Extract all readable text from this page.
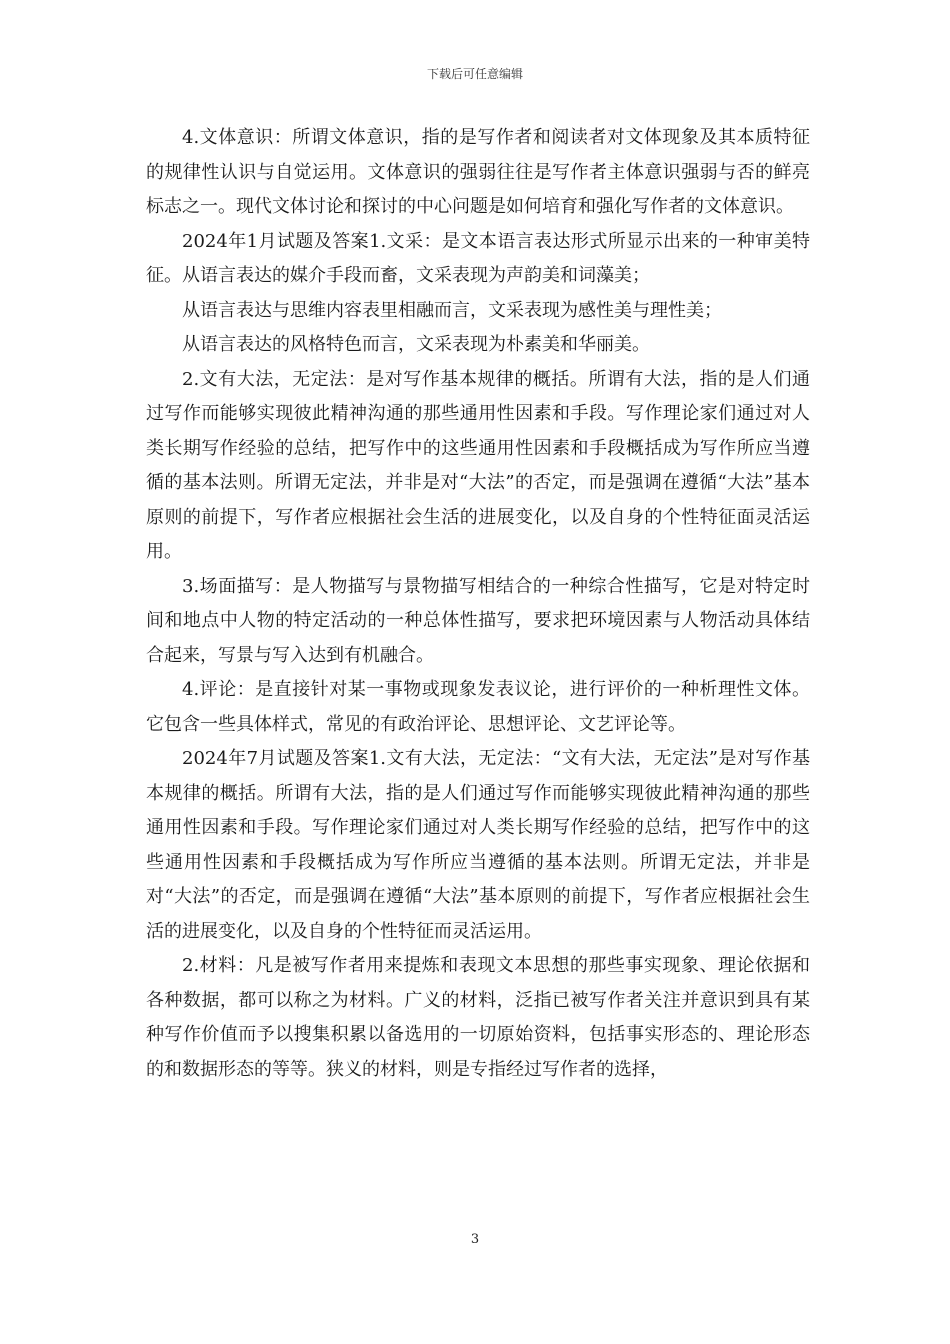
下载后可任意编辑

4.文体意识：所谓文体意识，指的是写作者和阅读者对文体现象及其本质特征的规律性认识与自觉运用。文体意识的强弱往往是写作者主体意识强弱与否的鲜亮标志之一。现代文体讨论和探讨的中心问题是如何培育和强化写作者的文体意识。

2024年1月试题及答案1.文采：是文本语言表达形式所显示出来的一种审美特征。从语言表达的媒介手段而畜，文采表现为声韵美和词藻美；

从语言表达与思维内容表里相融而言，文采表现为感性美与理性美；

从语言表达的风格特色而言，文采表现为朴素美和华丽美。

2.文有大法，无定法：是对写作基本规律的概括。所谓有大法，指的是人们通过写作而能够实现彼此精神沟通的那些通用性因素和手段。写作理论家们通过对人类长期写作经验的总结，把写作中的这些通用性因素和手段概括成为写作所应当遵循的基本法则。所谓无定法，并非是对“大法”的否定，而是强调在遵循“大法”基本原则的前提下，写作者应根据社会生活的进展变化，以及自身的个性特征面灵活运用。

3.场面描写：是人物描写与景物描写相结合的一种综合性描写，它是对特定时间和地点中人物的特定活动的一种总体性描写，要求把环境因素与人物活动具体结合起来，写景与写入达到有机融合。

4.评论：是直接针对某一事物或现象发表议论，进行评价的一种析理性文体。它包含一些具体样式，常见的有政治评论、思想评论、文艺评论等。

2024年7月试题及答案1.文有大法，无定法：“文有大法，无定法”是对写作基本规律的概括。所谓有大法，指的是人们通过写作而能够实现彼此精神沟通的那些通用性因素和手段。写作理论家们通过对人类长期写作经验的总结，把写作中的这些通用性因素和手段概括成为写作所应当遵循的基本法则。所谓无定法，并非是对“大法”的否定，而是强调在遵循“大法”基本原则的前提下，写作者应根据社会生活的进展变化，以及自身的个性特征而灵活运用。

2.材料：凡是被写作者用来提炼和表现文本思想的那些事实现象、理论依据和各种数据，都可以称之为材料。广义的材料，泛指已被写作者关注并意识到具有某种写作价值而予以搜集积累以备选用的一切原始资料，包括事实形态的、理论形态的和数据形态的等等。狭义的材料，则是专指经过写作者的选择，

3
